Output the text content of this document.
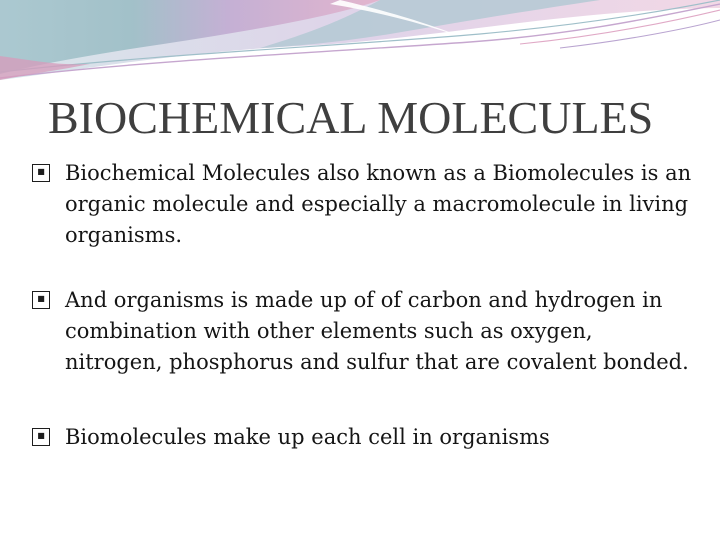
BIOCHEMICAL MOLECULES
■ Biochemical Molecules also known as a Biomolecules is an organic molecule and especially a macromolecule in living organisms.
■ And organisms is made up of of carbon and hydrogen in combination with other elements such as oxygen, nitrogen, phosphorus and sulfur that are covalent bonded.
■ Biomolecules make up each cell in organisms
